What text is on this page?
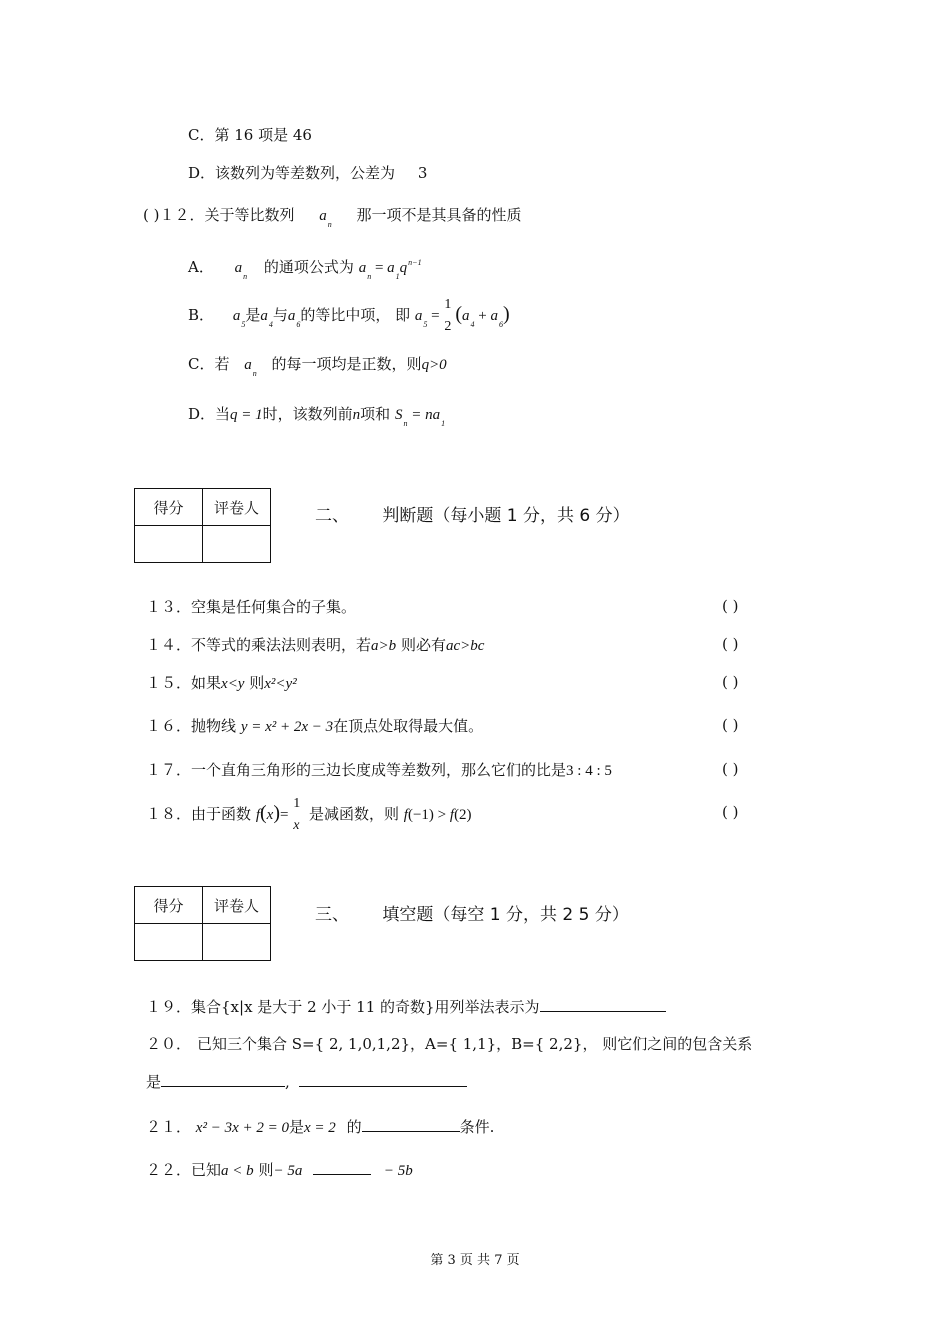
C．第 16 项是 46
D．该数列为等差数列，公差为 3
( )１２．关于等比数列 $a_n$ 那一项不是其具备的性质
A． $a_n$ 的通项公式为 $a_n = a_1q^{n-1}$
B． $a_5$是$a_4$与$a_6$的等比中项， 即 $a_5$ =
1
2
$(a_4 + a_6)$
C．若 $a_n$ 的每一项均是正数，则q>0
D．当q = 1时，该数列前n项和 $S_n = na_1$
得分	评卷人
		二、 判断题（每小题 1 分，共 6 分）
１３．空集是任何集合的子集。	( )
１４．不等式的乘法法则表明，若a>b 则必有ac>bc	( )
１５．如果x<y 则x²<y²	( )
１６．抛物线 y = x² + 2x − 3在顶点处取得最大值。	( )
１７．一个直角三角形的三边长度成等差数列，那么它们的比是3 : 4 : 5	( )
１８．由于函数 f(x)=
1
x
是减函数，则 f(−1) > f(2)	( )
得分	评卷人
		三、 填空题（每空 1 分，共 2 5 分）
１９．集合{x|x 是大于 2 小于 11 的奇数}用列举法表示为
２０． 已知三个集合 S={ 2, 1,0,1,2}，A={ 1,1}，B={ 2,2}， 则它们之间的包含关系
是	,
２１． x² − 3x + 2 = 0是x = 2 的	条件.
２２．已知a < b 则− 5a	− 5b
第 3 页 共 7 页
